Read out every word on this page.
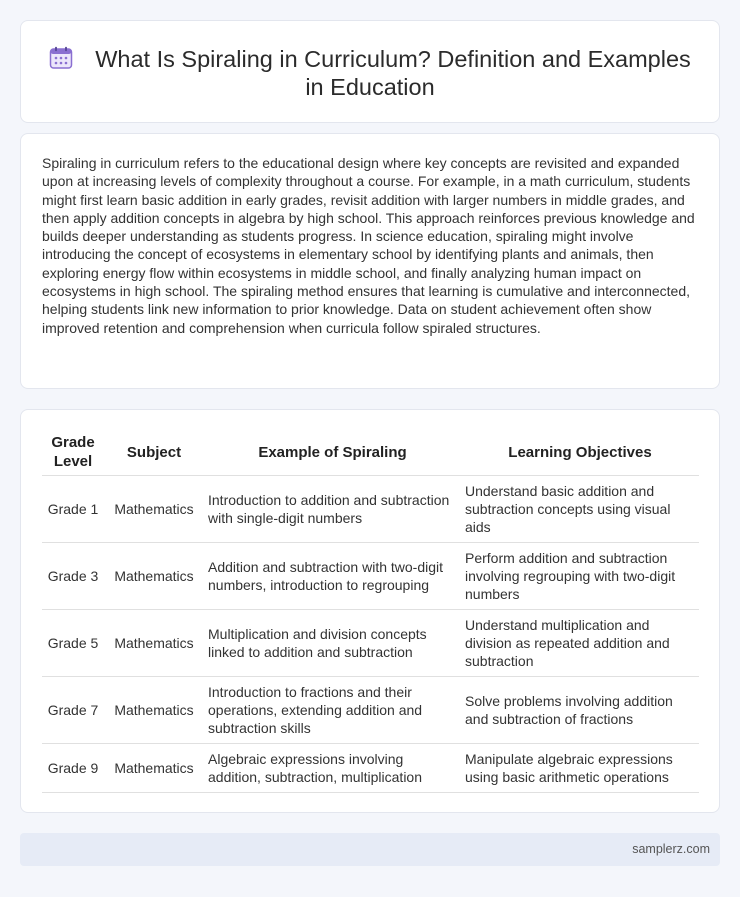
What Is Spiraling in Curriculum? Definition and Examples in Education

Spiraling in curriculum refers to the educational design where key concepts are revisited and expanded upon at increasing levels of complexity throughout a course. For example, in a math curriculum, students might first learn basic addition in early grades, revisit addition with larger numbers in middle grades, and then apply addition concepts in algebra by high school. This approach reinforces previous knowledge and builds deeper understanding as students progress. In science education, spiraling might involve introducing the concept of ecosystems in elementary school by identifying plants and animals, then exploring energy flow within ecosystems in middle school, and finally analyzing human impact on ecosystems in high school. The spiraling method ensures that learning is cumulative and interconnected, helping students link new information to prior knowledge. Data on student achievement often show improved retention and comprehension when curricula follow spiraled structures.

Grade Level	Subject	Example of Spiraling	Learning Objectives
Grade 1	Mathematics	Introduction to addition and subtraction with single-digit numbers	Understand basic addition and subtraction concepts using visual aids
Grade 3	Mathematics	Addition and subtraction with two-digit numbers, introduction to regrouping	Perform addition and subtraction involving regrouping with two-digit numbers
Grade 5	Mathematics	Multiplication and division concepts linked to addition and subtraction	Understand multiplication and division as repeated addition and subtraction
Grade 7	Mathematics	Introduction to fractions and their operations, extending addition and subtraction skills	Solve problems involving addition and subtraction of fractions
Grade 9	Mathematics	Algebraic expressions involving addition, subtraction, multiplication	Manipulate algebraic expressions using basic arithmetic operations
samplerz.com
